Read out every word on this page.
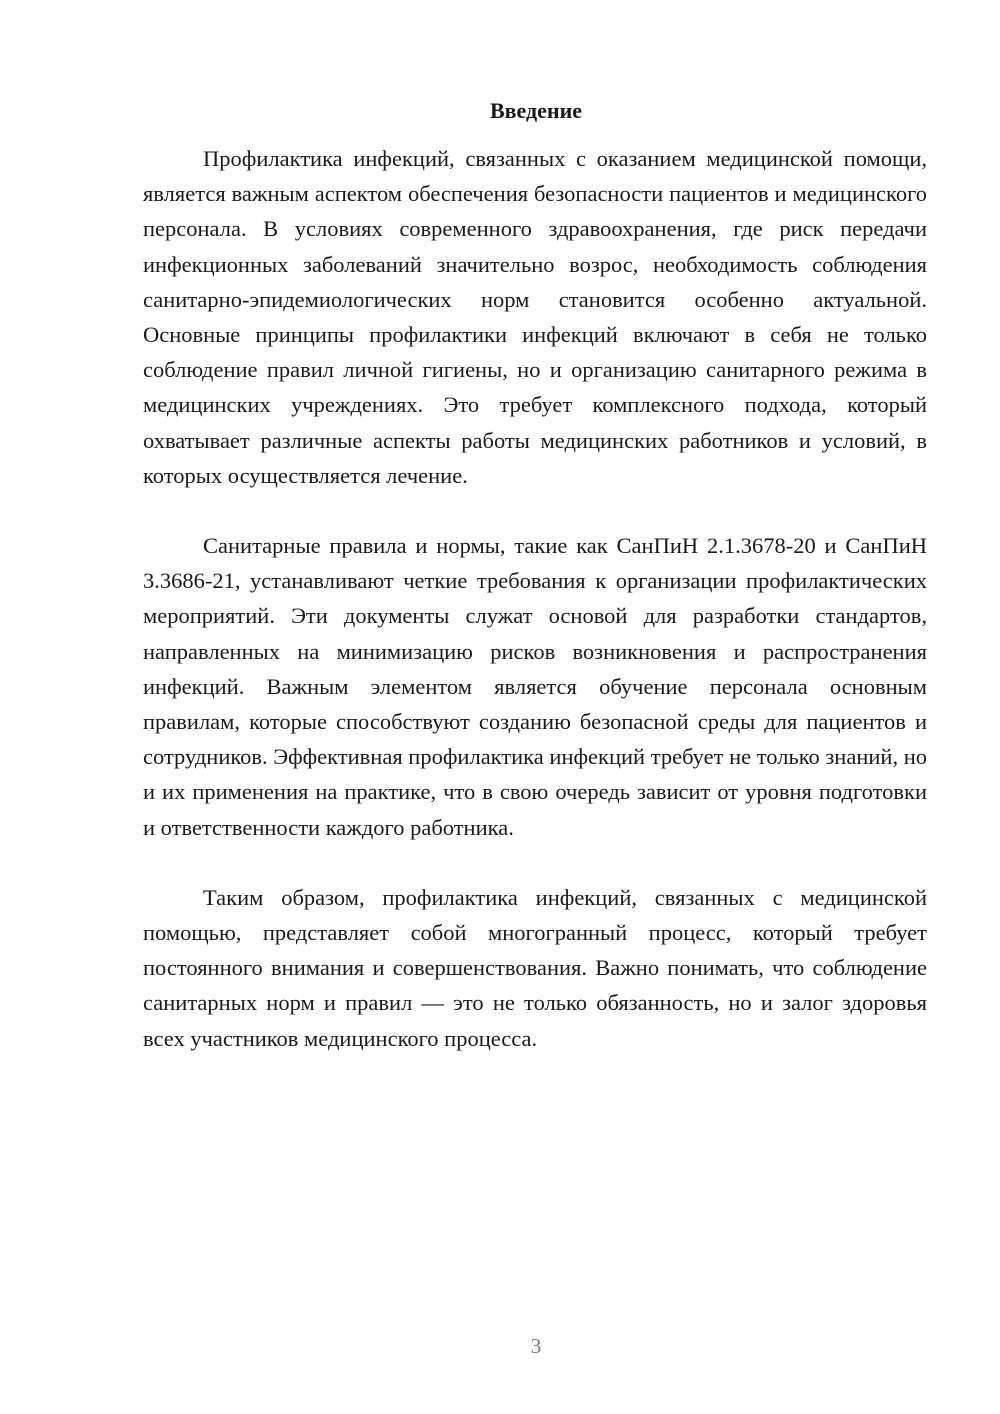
Введение

Профилактика инфекций, связанных с оказанием медицинской помощи, является важным аспектом обеспечения безопасности пациентов и медицинского персонала. В условиях современного здравоохранения, где риск передачи инфекционных заболеваний значительно возрос, необходимость соблюдения санитарно-эпидемиологических норм становится особенно актуальной. Основные принципы профилактики инфекций включают в себя не только соблюдение правил личной гигиены, но и организацию санитарного режима в медицинских учреждениях. Это требует комплексного подхода, который охватывает различные аспекты работы медицинских работников и условий, в которых осуществляется лечение.

Санитарные правила и нормы, такие как СанПиН 2.1.3678-20 и СанПиН 3.3686-21, устанавливают четкие требования к организации профилактических мероприятий. Эти документы служат основой для разработки стандартов, направленных на минимизацию рисков возникновения и распространения инфекций. Важным элементом является обучение персонала основным правилам, которые способствуют созданию безопасной среды для пациентов и сотрудников. Эффективная профилактика инфекций требует не только знаний, но и их применения на практике, что в свою очередь зависит от уровня подготовки и ответственности каждого работника.

Таким образом, профилактика инфекций, связанных с медицинской помощью, представляет собой многогранный процесс, который требует постоянного внимания и совершенствования. Важно понимать, что соблюдение санитарных норм и правил — это не только обязанность, но и залог здоровья всех участников медицинского процесса.

3
